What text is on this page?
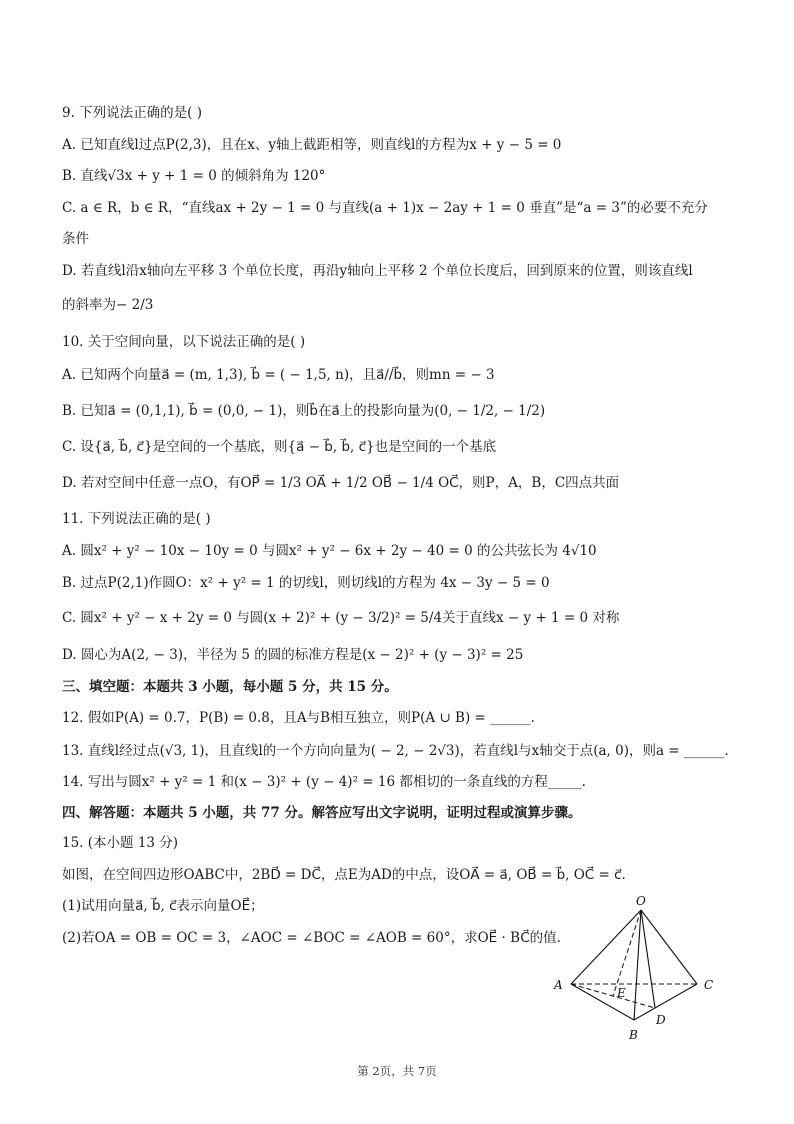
9. 下列说法正确的是( )
A. 已知直线l过点P(2,3)，且在x、y轴上截距相等，则直线l的方程为x + y − 5 = 0
B. 直线√3x + y + 1 = 0 的倾斜角为 120°
C. a ∈ R，b ∈ R，“直线ax + 2y − 1 = 0 与直线(a + 1)x − 2ay + 1 = 0 垂直”是“a = 3”的必要不充分
条件
D. 若直线l沿x轴向左平移 3 个单位长度，再沿y轴向上平移 2 个单位长度后，回到原来的位置，则该直线l
的斜率为− 2/3
10. 关于空间向量，以下说法正确的是( )
A. 已知两个向量a⃗ = (m, 1,3), b⃗ = ( − 1,5, n)，且a⃗//b⃗，则mn = − 3
B. 已知a⃗ = (0,1,1), b⃗ = (0,0, − 1)，则b⃗在a⃗上的投影向量为(0, − 1/2, − 1/2)
C. 设{a⃗, b⃗, c⃗}是空间的一个基底，则{a⃗ − b⃗, b⃗, c⃗}也是空间的一个基底
D. 若对空间中任意一点O，有OP⃗ = 1/3 OA⃗ + 1/2 OB⃗ − 1/4 OC⃗，则P，A，B，C四点共面
11. 下列说法正确的是( )
A. 圆x² + y² − 10x − 10y = 0 与圆x² + y² − 6x + 2y − 40 = 0 的公共弦长为 4√10
B. 过点P(2,1)作圆O：x² + y² = 1 的切线l，则切线l的方程为 4x − 3y − 5 = 0
C. 圆x² + y² − x + 2y = 0 与圆(x + 2)² + (y − 3/2)² = 5/4关于直线x − y + 1 = 0 对称
D. 圆心为A(2, − 3)，半径为 5 的圆的标准方程是(x − 2)² + (y − 3)² = 25
三、填空题：本题共 3 小题，每小题 5 分，共 15 分。
12. 假如P(A) = 0.7，P(B) = 0.8，且A与B相互独立，则P(A ∪ B) = ______.
13. 直线l经过点(√3, 1)，且直线l的一个方向向量为( − 2, − 2√3)，若直线l与x轴交于点(a, 0)，则a = ______.
14. 写出与圆x² + y² = 1 和(x − 3)² + (y − 4)² = 16 都相切的一条直线的方程_____.
四、解答题：本题共 5 小题，共 77 分。解答应写出文字说明，证明过程或演算步骤。
15. (本小题 13 分)
如图，在空间四边形OABC中，2BD⃗ = DC⃗，点E为AD的中点，设OA⃗ = a⃗, OB⃗ = b⃗, OC⃗ = c⃗.
(1)试用向量a⃗, b⃗, c⃗表示向量OE⃗；
(2)若OA = OB = OC = 3，∠AOC = ∠BOC = ∠AOB = 60°，求OE⃗ · BC⃗的值.
O
A
B
C
D
E
第 2页，共 7页
